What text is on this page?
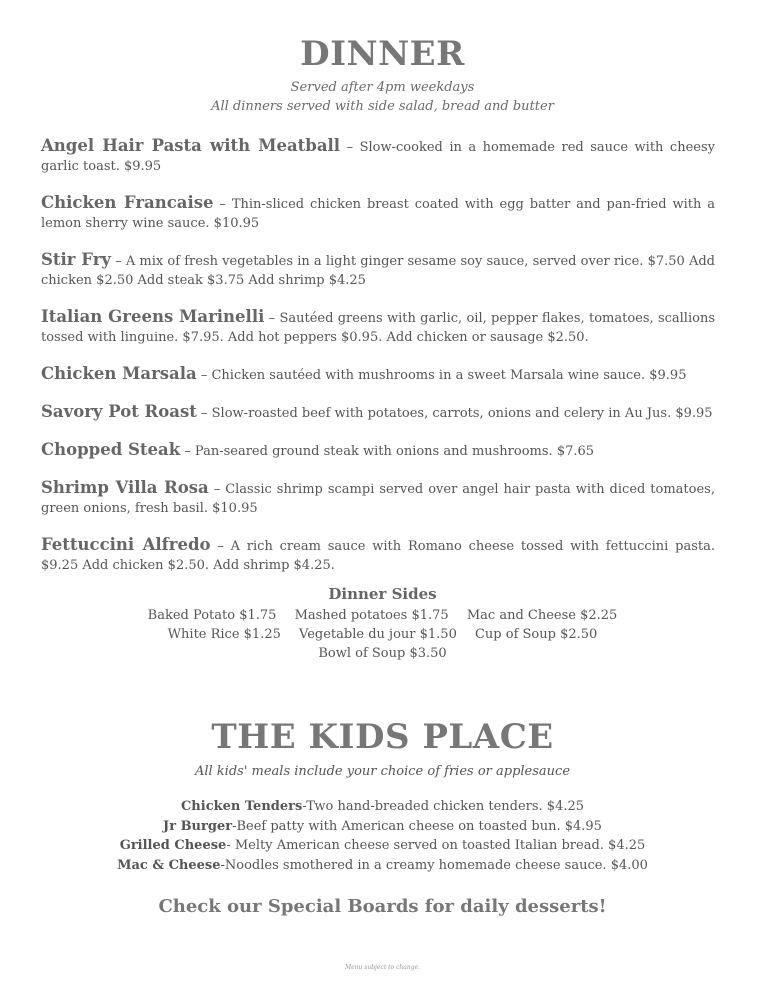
DINNER
Served after 4pm weekdays
All dinners served with side salad, bread and butter
Angel Hair Pasta with Meatball – Slow-cooked in a homemade red sauce with cheesy garlic toast. $9.95
Chicken Francaise – Thin-sliced chicken breast coated with egg batter and pan-fried with a lemon sherry wine sauce. $10.95
Stir Fry – A mix of fresh vegetables in a light ginger sesame soy sauce, served over rice. $7.50 Add chicken $2.50 Add steak $3.75 Add shrimp $4.25
Italian Greens Marinelli – Sautéed greens with garlic, oil, pepper flakes, tomatoes, scallions tossed with linguine. $7.95. Add hot peppers $0.95. Add chicken or sausage $2.50.
Chicken Marsala – Chicken sautéed with mushrooms in a sweet Marsala wine sauce. $9.95
Savory Pot Roast – Slow-roasted beef with potatoes, carrots, onions and celery in Au Jus. $9.95
Chopped Steak – Pan-seared ground steak with onions and mushrooms. $7.65
Shrimp Villa Rosa – Classic shrimp scampi served over angel hair pasta with diced tomatoes, green onions, fresh basil. $10.95
Fettuccini Alfredo – A rich cream sauce with Romano cheese tossed with fettuccini pasta. $9.25 Add chicken $2.50. Add shrimp $4.25.
Dinner Sides
Baked Potato $1.75 Mashed potatoes $1.75 Mac and Cheese $2.25
White Rice $1.25 Vegetable du jour $1.50 Cup of Soup $2.50
Bowl of Soup $3.50
THE KIDS PLACE
All kids' meals include your choice of fries or applesauce
Chicken Tenders-Two hand-breaded chicken tenders. $4.25
Jr Burger-Beef patty with American cheese on toasted bun. $4.95
Grilled Cheese- Melty American cheese served on toasted Italian bread. $4.25
Mac & Cheese-Noodles smothered in a creamy homemade cheese sauce. $4.00
Check our Special Boards for daily desserts!
Menu subject to change.
